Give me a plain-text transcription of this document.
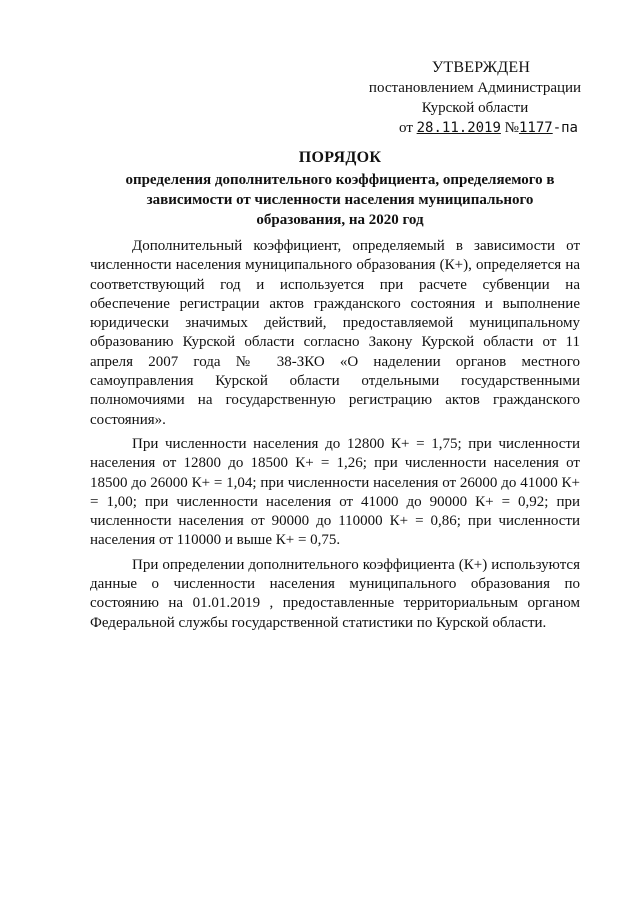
УТВЕРЖДЕН
постановлением Администрации
Курской области
от 28.11.2019 №1177-па
ПОРЯДОК
определения дополнительного коэффициента, определяемого в зависимости от численности населения муниципального образования, на 2020 год

Дополнительный коэффициент, определяемый в зависимости от численности населения муниципального образования (К+), определяется на соответствующий год и используется при расчете субвенции на обеспечение регистрации актов гражданского состояния и выполнение юридически значимых действий, предоставляемой муниципальному образованию Курской области согласно Закону Курской области от 11 апреля 2007 года № 38-ЗКО «О наделении органов местного самоуправления Курской области отдельными государственными полномочиями на государственную регистрацию актов гражданского состояния».

При численности населения до 12800 К+ = 1,75; при численности населения от 12800 до 18500 К+ = 1,26; при численности населения от 18500 до 26000 К+ = 1,04; при численности населения от 26000 до 41000 К+ = 1,00; при численности населения от 41000 до 90000 К+ = 0,92; при численности населения от 90000 до 110000 К+ = 0,86; при численности населения от 110000 и выше К+ = 0,75.

При определении дополнительного коэффициента (К+) используются данные о численности населения муниципального образования по состоянию на 01.01.2019 , предоставленные территориальным органом Федеральной службы государственной статистики по Курской области.
